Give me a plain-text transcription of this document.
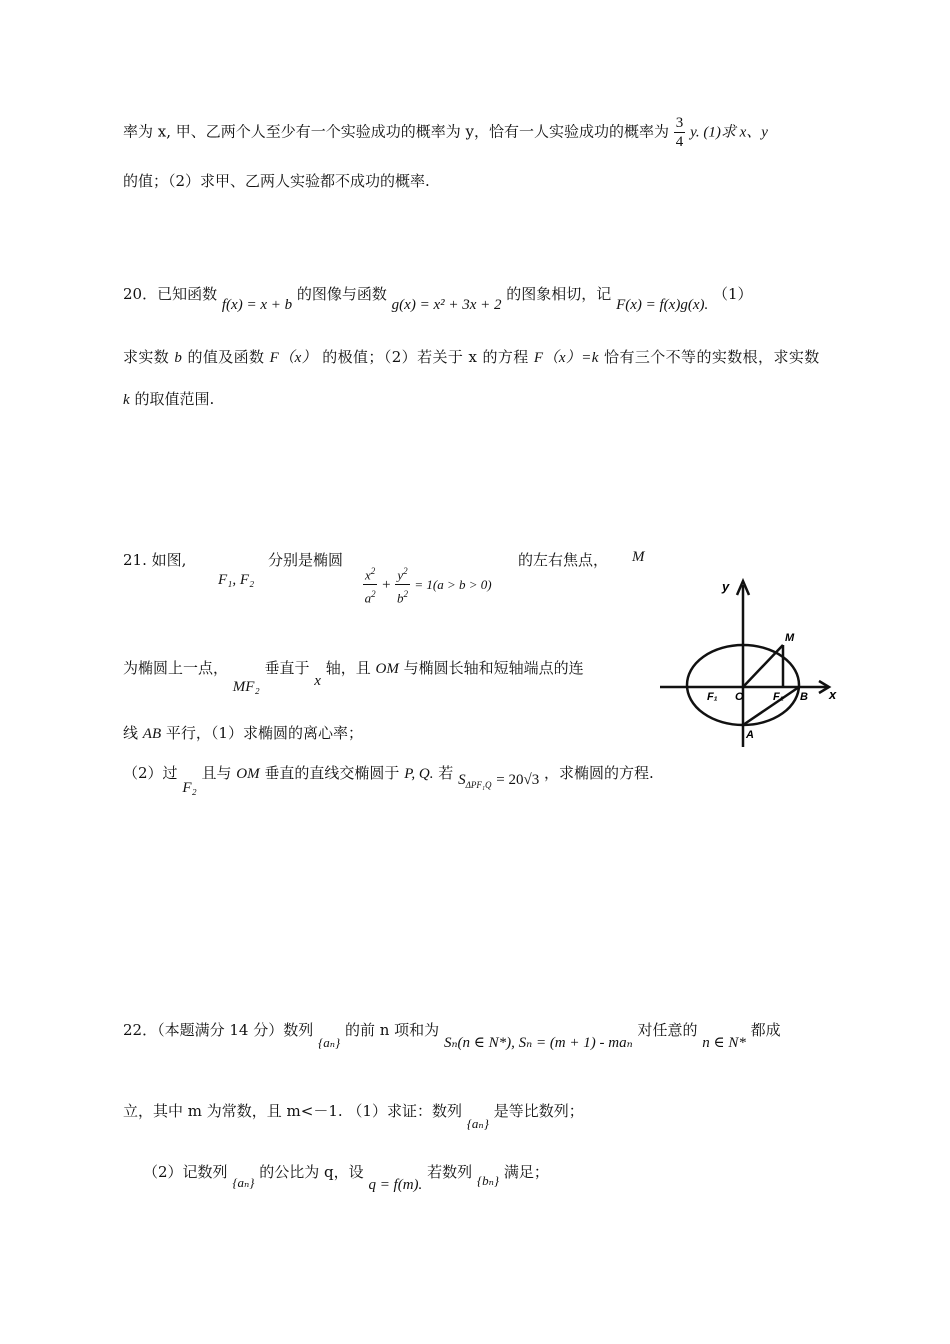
率为 x, 甲、乙两个人至少有一个实验成功的概率为 y，恰有一人实验成功的概率为 $\frac{3}{4} y$. (1)求 x、y
的值；（2）求甲、乙两人实验都不成功的概率.
20．已知函数 f(x) = x + b 的图像与函数 g(x) = x² + 3x + 2 的图象相切，记 F(x) = f(x)g(x). （1）
求实数 b 的值及函数 F（x） 的极值；（2）若关于 x 的方程 F（x）=k 恰有三个不等的实数根，求实数
k 的取值范围.
21. 如图,
F₁, F₂
分别是椭圆
$\frac{x^2}{a^2} + \frac{y^2}{b^2} = 1(a > b > 0)$
的左右焦点， M
为椭圆上一点， MF₂ 垂直于 x 轴，且 OM 与椭圆长轴和短轴端点的连
线 AB 平行，（1）求椭圆的离心率；
（2）过 F₂ 且与 OM 垂直的直线交椭圆于 P, Q. 若 $S_{\Delta PF_1Q} = 20√3$ ，求椭圆的方程.
y
x
M
F₁ O	F₂ B
A
22．（本题满分 14 分）数列 {aₙ} 的前 n 项和为 Sₙ(n ∈ N*), Sₙ = (m + 1) - maₙ 对任意的 n ∈ N* 都成
立，其中 m 为常数，且 m<－1. （1）求证：数列 {aₙ} 是等比数列；
（2）记数列 {aₙ} 的公比为 q，设 q = f(m). 若数列 {bₙ} 满足；
